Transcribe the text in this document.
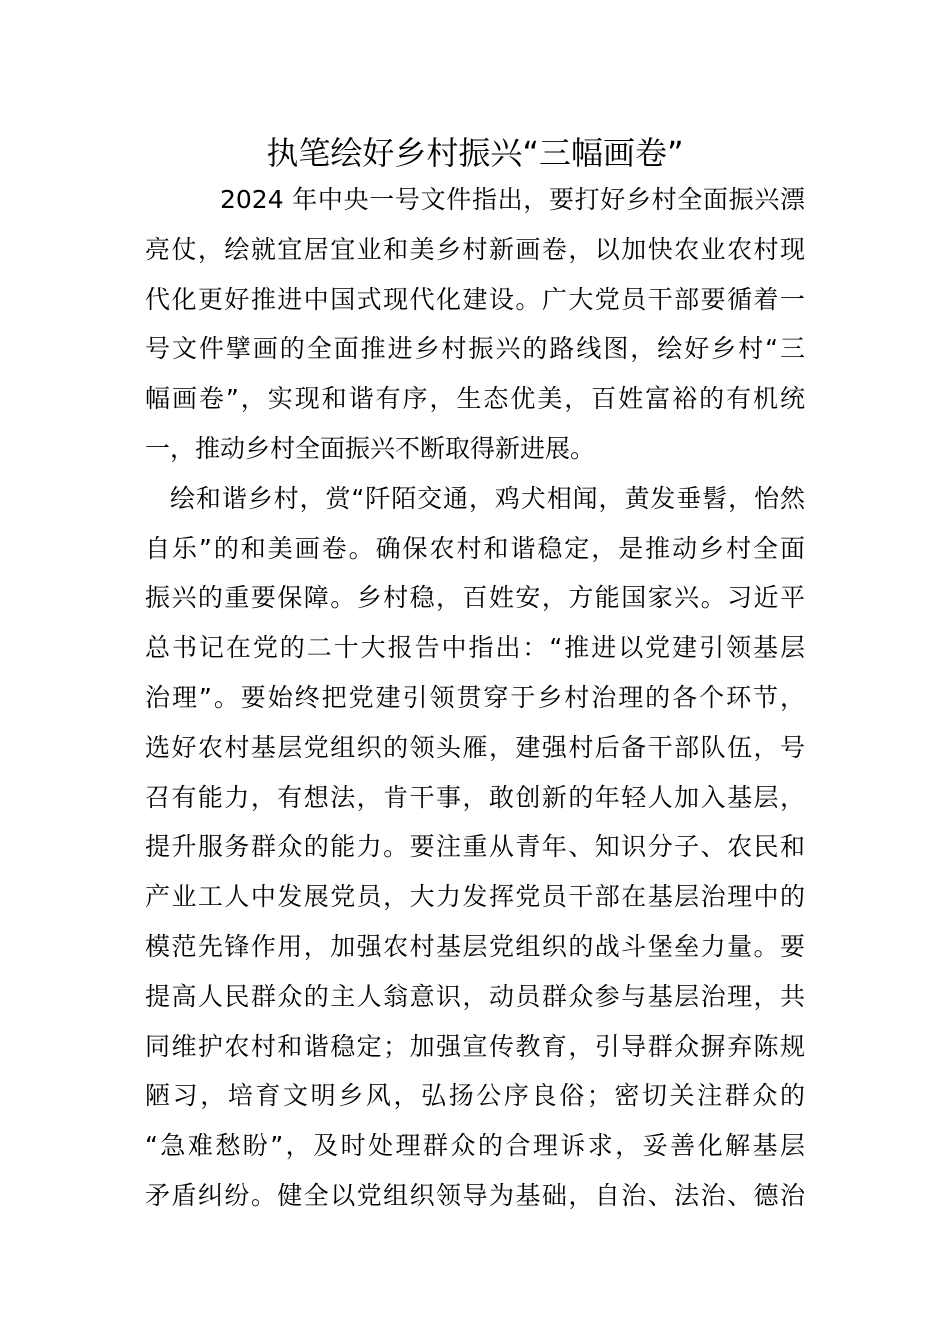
执笔绘好乡村振兴“三幅画卷”
2024 年中央一号文件指出，要打好乡村全面振兴漂
亮仗，绘就宜居宜业和美乡村新画卷，以加快农业农村现
代化更好推进中国式现代化建设。广大党员干部要循着一
号文件擘画的全面推进乡村振兴的路线图，绘好乡村“三
幅画卷”，实现和谐有序，生态优美，百姓富裕的有机统
一，推动乡村全面振兴不断取得新进展。
绘和谐乡村，赏“阡陌交通，鸡犬相闻，黄发垂髫，怡然
自乐”的和美画卷。确保农村和谐稳定，是推动乡村全面
振兴的重要保障。乡村稳，百姓安，方能国家兴。习近平
总书记在党的二十大报告中指出：“推进以党建引领基层
治理”。要始终把党建引领贯穿于乡村治理的各个环节，
选好农村基层党组织的领头雁，建强村后备干部队伍，号
召有能力，有想法，肯干事，敢创新的年轻人加入基层，
提升服务群众的能力。要注重从青年、知识分子、农民和
产业工人中发展党员，大力发挥党员干部在基层治理中的
模范先锋作用，加强农村基层党组织的战斗堡垒力量。要
提高人民群众的主人翁意识，动员群众参与基层治理，共
同维护农村和谐稳定；加强宣传教育，引导群众摒弃陈规
陋习，培育文明乡风，弘扬公序良俗；密切关注群众的
“急难愁盼”，及时处理群众的合理诉求，妥善化解基层
矛盾纠纷。健全以党组织领导为基础，自治、法治、德治
